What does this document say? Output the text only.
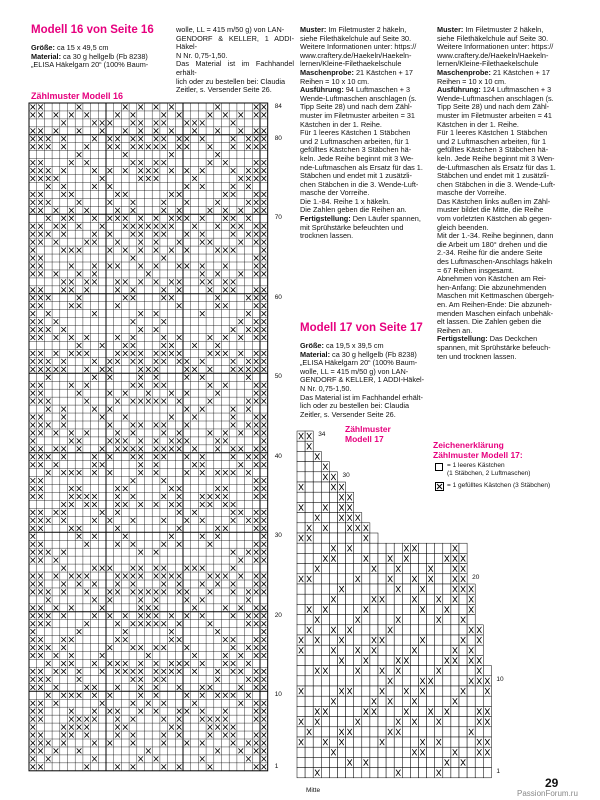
Modell 16 von Seite 16
Größe: ca 15 x 49,5 cm
Material: ca 30 g hellgelb (Fb 8238)
„ELISA Häkelgarn 20“ (100% Baum-
wolle, LL = 415 m/50 g) von LAN-
GENDORF & KELLER, 1 ADDI-Häkel-
N Nr. 0,75-1,50.
Das Material ist im Fachhandel erhält-
lich oder zu bestellen bei: Claudia
Zeitler, s. Versender Seite 26.
Zählmuster Modell 16
84
80
70
60
50
40
30
20
10
1
Muster: Im Filetmuster 2 häkeln,
siehe Filethäkelchule auf Seite 30.
Weitere Informationen unter: https://
www.craftery.de/Haekeln/Haekeln-
lernen/Kleine-Filethaekelschule
Maschenprobe: 21 Kästchen + 17
Reihen = 10 x 10 cm.
Ausführung: 94 Luftmaschen + 3
Wende-Luftmaschen anschlagen (s.
Tipp Seite 28) und nach dem Zähl-
muster im Filetmuster arbeiten = 31
Kästchen in der 1. Reihe.
Für 1 leeres Kästchen 1 Stäbchen
und 2 Luftmaschen arbeiten, für 1
gefülltes Kästchen 3 Stäbchen hä-
keln. Jede Reihe beginnt mit 3 We-
nde-Luftmaschen als Ersatz für das 1.
Stäbchen und endet mit 1 zusätzli-
chen Stäbchen in die 3. Wende-Luft-
masche der Vorreihe.
Die 1.-84. Reihe 1 x häkeln.
Die Zahlen geben die Reihen an.
Fertigstellung: Den Läufer spannen,
mit Sprühstärke befeuchten und
trocknen lassen.
Modell 17 von Seite 17
Größe: ca 19,5 x 39,5 cm
Material: ca 30 g hellgelb (Fb 8238)
„ELISA Häkelgarn 20“ (100% Baum-
wolle, LL = 415 m/50 g) von LAN-
GENDORF & KELLER, 1 ADDI-Häkel-
N Nr. 0,75-1,50.
Das Material ist im Fachhandel erhält-
lich oder zu bestellen bei: Claudia
Zeitler, s. Versender Seite 26.
Muster: Im Filetmuster 2 häkeln,
siehe Filethäkelchule auf Seite 30.
Weitere Informationen unter: https://
www.craftery.de/Haekeln/Haekeln-
lernen/Kleine-Filethaekelschule
Maschenprobe: 21 Kästchen + 17
Reihen = 10 x 10 cm.
Ausführung: 124 Luftmaschen + 3
Wende-Luftmaschen anschlagen (s.
Tipp Seite 28) und nach dem Zähl-
muster im Filetmuster arbeiten = 41
Kästchen in der 1. Reihe.
Für 1 leeres Kästchen 1 Stäbchen
und 2 Luftmaschen arbeiten, für 1
gefülltes Kästchen 3 Stäbchen hä-
keln. Jede Reihe beginnt mit 3 Wen-
de-Luftmaschen als Ersatz für das 1.
Stäbchen und endet mit 1 zusätzli-
chen Stäbchen in die 3. Wende-Luft-
masche der Vorreihe.
Das Kästchen links außen im Zähl-
muster bildet die Mitte, die Reihe
vom vorletzten Kästchen ab gegen-
gleich beenden.
Mit der 1.-34. Reihe beginnen, dann
die Arbeit um 180° drehen und die
2.-34. Reihe für die andere Seite
des Luftmaschen-Anschlags häkeln
= 67 Reihen insgesamt.
Abnehmen von Kästchen am Rei-
hen-Anfang: Die abzunehmenden
Maschen mit Kettmaschen übergeh-
en. Am Reihen-Ende: Die abzuneh-
menden Maschen einfach unbehäk-
elt lassen. Die Zahlen geben die
Reihen an.
Fertigstellung: Das Deckchen
spannen, mit Sprühstärke befeuch-
ten und trocknen lassen.
Zählmuster
Modell 17
34
30
20
10
1
Mitte
Zeichenerklärung
Zählmuster Modell 17:
= 1 leeres Kästchen
(1 Stäbchen, 2 Luftmaschen)
= 1 gefülltes Kästchen (3 Stäbchen)
29
PassionForum.ru
